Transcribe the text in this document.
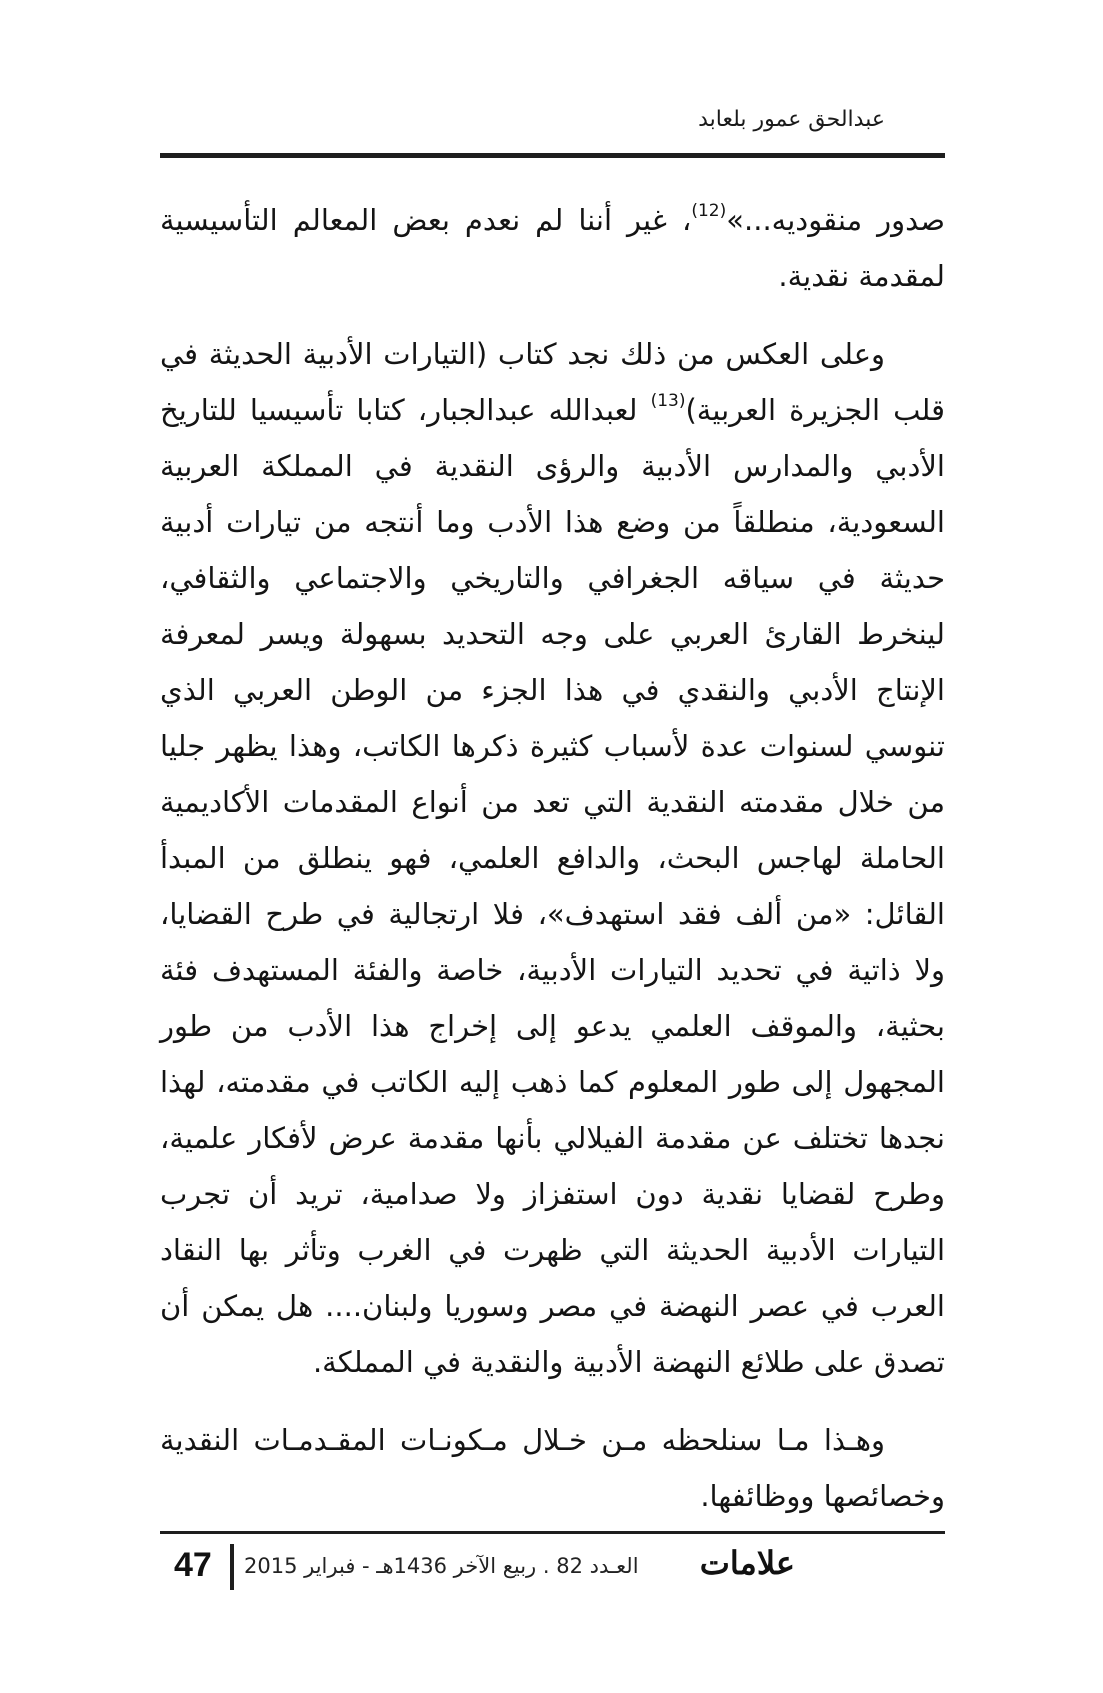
عبدالحق عمور بلعابد

صدور منقوديه...»$^{(12)}$، غير أننا لم نعدم بعض المعالم التأسيسية لمقدمة نقدية.

وعلى العكس من ذلك نجد كتاب (التيارات الأدبية الحديثة في قلب الجزيرة العربية)$^{(13)}$ لعبدالله عبدالجبار، كتابا تأسيسيا للتاريخ الأدبي والمدارس الأدبية والرؤى النقدية في المملكة العربية السعودية، منطلقاً من وضع هذا الأدب وما أنتجه من تيارات أدبية حديثة في سياقه الجغرافي والتاريخي والاجتماعي والثقافي، لينخرط القارئ العربي على وجه التحديد بسهولة ويسر لمعرفة الإنتاج الأدبي والنقدي في هذا الجزء من الوطن العربي الذي تنوسي لسنوات عدة لأسباب كثيرة ذكرها الكاتب، وهذا يظهر جليا من خلال مقدمته النقدية التي تعد من أنواع المقدمات الأكاديمية الحاملة لهاجس البحث، والدافع العلمي، فهو ينطلق من المبدأ القائل: «من ألف فقد استهدف»، فلا ارتجالية في طرح القضايا، ولا ذاتية في تحديد التيارات الأدبية، خاصة والفئة المستهدف فئة بحثية، والموقف العلمي يدعو إلى إخراج هذا الأدب من طور المجهول إلى طور المعلوم كما ذهب إليه الكاتب في مقدمته، لهذا نجدها تختلف عن مقدمة الفيلالي بأنها مقدمة عرض لأفكار علمية، وطرح لقضايا نقدية دون استفزاز ولا صدامية، تريد أن تجرب التيارات الأدبية الحديثة التي ظهرت في الغرب وتأثر بها النقاد العرب في عصر النهضة في مصر وسوريا ولبنان.... هل يمكن أن تصدق على طلائع النهضة الأدبية والنقدية في المملكة.

وهـذا مـا سنلحظه مـن خـلال مـكونـات المقـدمـات النقدية وخصائصها ووظائفها.

علامات
العـدد 82 . ربيع الآخر 1436هـ - فبراير 2015
47
